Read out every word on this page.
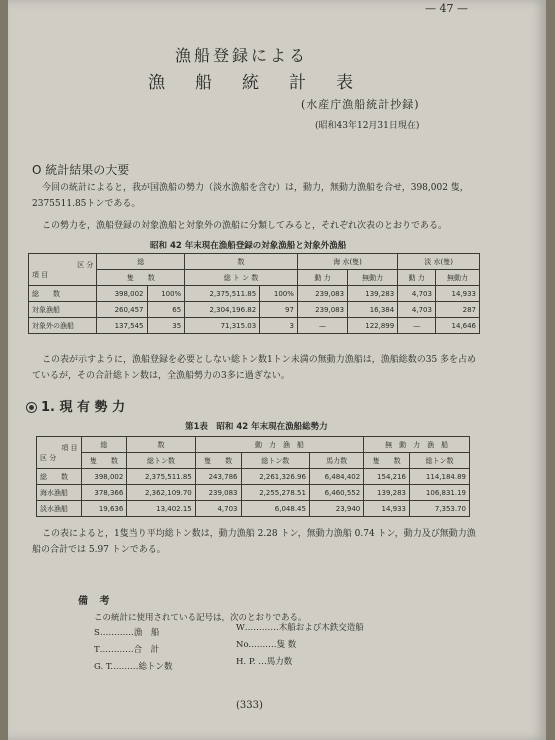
— 47 —
漁船登録による
漁船統計表
(水産庁漁船統計抄録)
(昭和43年12月31日現在)
O 統計結果の大要
今回の統計によると，我が国漁船の勢力（淡水漁船を含む）は，動力，無動力漁船を合せ，398,002 隻，2375511.85トンである。
この勢力を，漁船登録の対象漁船と対象外の漁船に分類してみると，それぞれ次表のとおりである。
昭和 42 年末現在漁船登録の対象漁船と対象外漁船
区 分
項 目	総		数		海 水(隻)		淡 水(隻)	
	隻　　 数		総 ト ン 数		動 力	無動力	動 力	無動力
総　　数	398,002	100%	2,375,511.85	100%	239,083	139,283	4,703	14,933
対象漁船	260,457	65	2,304,196.82	97	239,083	16,384	4,703	287
対象外の漁船	137,545	35	71,315.03	3	—	122,899	—	14,646
この表が示すように，漁船登録を必要としない総トン数1トン未満の無動力漁船は，漁船総数の35 多を占めているが，その合計総トン数は，全漁船勢力の3多に過ぎない。
1. 現 有 勢 力
第1表　昭和 42 年末現在漁船総勢力
項 目
区 分	総	数	動　力　漁　船			無　動　力　漁　船	
	隻　　数	総トン数	隻　　数	総トン数	馬力数	隻　　数	総トン数
総　　数	398,002	2,375,511.85	243,786	2,261,326.96	6,484,402	154,216	114,184.89
海水漁船	378,366	2,362,109.70	239,083	2,255,278.51	6,460,552	139,283	106,831.19
淡水漁船	19,636	13,402.15	4,703	6,048.45	23,940	14,933	7,353.70
この表によると，1隻当り平均総トン数は，動力漁船 2.28 トン，無動力漁船 0.74 トン，動力及び無動力漁船の合計では 5.97 トンである。
備 考
この統計に使用されている記号は，次のとおりである。
S…………漁　船
T…………合　計
G. T.………総トン数
W…………木船および木鉄交造船
No.………隻 数
H. P. …馬力数
(333)
